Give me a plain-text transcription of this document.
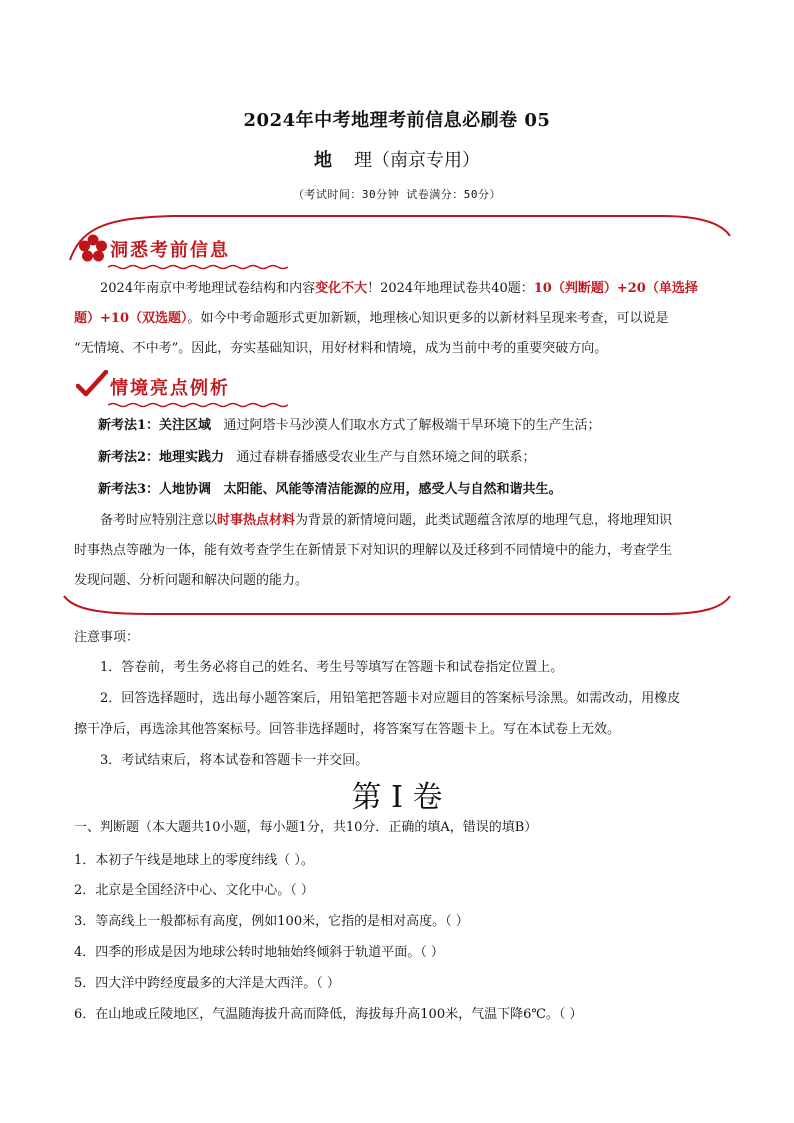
2024年中考地理考前信息必刷卷 05
地 理（南京专用）
（考试时间：30分钟 试卷满分：50分）
洞悉考前信息
2024年南京中考地理试卷结构和内容变化不大！2024年地理试卷共40题：10（判断题）+20（单选择
题）+10（双选题）。如今中考命题形式更加新颖，地理核心知识更多的以新材料呈现来考查，可以说是
“无情境、不中考”。因此，夯实基础知识，用好材料和情境，成为当前中考的重要突破方向。
情境亮点例析
新考法1：关注区域 通过阿塔卡马沙漠人们取水方式了解极端干旱环境下的生产生活；
新考法2：地理实践力 通过春耕春播感受农业生产与自然环境之间的联系；
新考法3：人地协调 太阳能、风能等清洁能源的应用，感受人与自然和谐共生。
备考时应特别注意以时事热点材料为背景的新情境问题，此类试题蕴含浓厚的地理气息，将地理知识
时事热点等融为一体，能有效考查学生在新情景下对知识的理解以及迁移到不同情境中的能力，考查学生
发现问题、分析问题和解决问题的能力。
注意事项：
1．答卷前，考生务必将自己的姓名、考生号等填写在答题卡和试卷指定位置上。
2．回答选择题时，选出每小题答案后，用铅笔把答题卡对应题目的答案标号涂黑。如需改动，用橡皮
擦干净后，再选涂其他答案标号。回答非选择题时，将答案写在答题卡上。写在本试卷上无效。
3．考试结束后，将本试卷和答题卡一并交回。
第 I 卷
一、判断题（本大题共10小题，每小题1分，共10分．正确的填A，错误的填B）
1．本初子午线是地球上的零度纬线（ ）。
2．北京是全国经济中心、文化中心。（ ）
3．等高线上一般都标有高度，例如100米，它指的是相对高度。（ ）
4．四季的形成是因为地球公转时地轴始终倾斜于轨道平面。（ ）
5．四大洋中跨经度最多的大洋是大西洋。（ ）
6．在山地或丘陵地区，气温随海拔升高而降低，海拔每升高100米，气温下降6℃。（ ）
